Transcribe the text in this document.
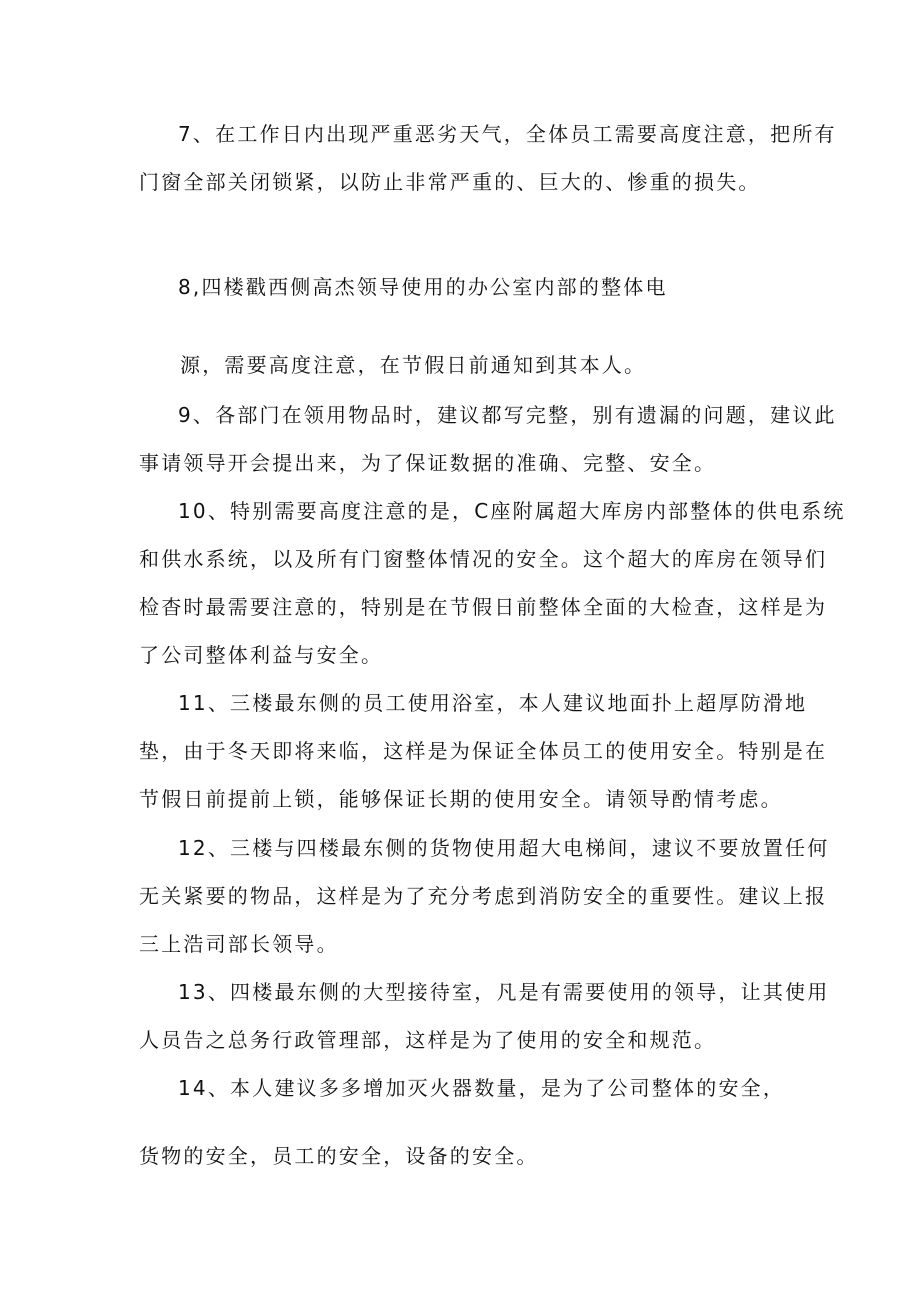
7、在工作日内出现严重恶劣天气，全体员工需要高度注意，把所有
门窗全部关闭锁紧，以防止非常严重的、巨大的、惨重的损失。
8,四楼戳西侧高杰领导使用的办公室内部的整体电
源，需要高度注意，在节假日前通知到其本人。
9、各部门在领用物品时，建议都写完整，别有遗漏的问题，建议此
事请领导开会提出来，为了保证数据的准确、完整、安全。
10、特别需要高度注意的是，C座附属超大库房内部整体的供电系统
和供水系统，以及所有门窗整体情况的安全。这个超大的库房在领导们
检杳时最需要注意的，特别是在节假日前整体全面的大检查，这样是为
了公司整体利益与安全。
11、三楼最东侧的员工使用浴室，本人建议地面扑上超厚防滑地
垫，由于冬天即将来临，这样是为保证全体员工的使用安全。特别是在
节假日前提前上锁，能够保证长期的使用安全。请领导酌情考虑。
12、三楼与四楼最东侧的货物使用超大电梯间，逮议不要放置任何
无关紧要的物品，这样是为了充分考虑到消防安全的重要性。建议上报
三上浩司部长领导。
13、四楼最东侧的大型接待室，凡是有需要使用的领导，让其使用
人员告之总务行政管理部，这样是为了使用的安全和规范。
14、本人建议多多增加灭火器数量，是为了公司整体的安全，
货物的安全，员工的安全，设备的安全。
